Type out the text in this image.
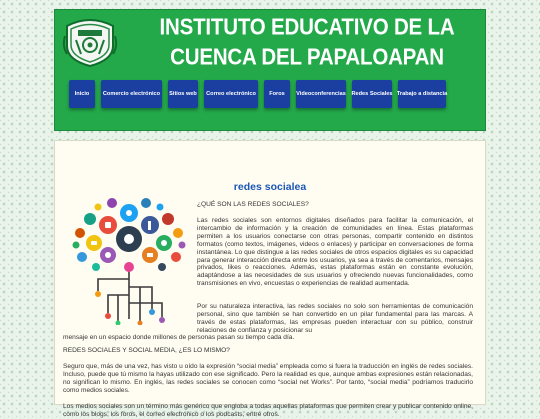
INSTITUTO EDUCATIVO DE LA CUENCA DEL PAPALOAPAN
Inicio	Comercio electrónico	Sitios web	Correo electrónico	Foros	Videoconferencias Redes Sociales Trabajo a distancia
redes socialea

¿QUÉ SON LAS REDES SOCIALES?

Las redes sociales son entornos digitales diseñados para facilitar la comunicación, el intercambio de información y la creación de comunidades en línea. Estas plataformas permiten a los usuarios conectarse con otras personas, compartir contenido en distintos formatos (como textos, imágenes, videos o enlaces) y participar en conversaciones de forma instantánea. Lo que distingue a las redes sociales de otros espacios digitales es su capacidad para generar interacción directa entre los usuarios, ya sea a través de comentarios, mensajes privados, likes o reacciones. Además, estas plataformas están en constante evolución, adaptándose a las necesidades de sus usuarios y ofreciendo nuevas funcionalidades, como transmisiones en vivo, encuestas o experiencias de realidad aumentada.

Por su naturaleza interactiva, las redes sociales no solo son herramientas de comunicación personal, sino que también se han convertido en un pilar fundamental para las marcas. A través de estas plataformas, las empresas pueden interactuar con su público, construir relaciones de confianza y posicionar su

mensaje en un espacio donde millones de personas pasan su tiempo cada día.

REDES SOCIALES Y SOCIAL MEDIA, ¿ES LO MISMO?

Seguro que, más de una vez, has visto u oído la expresión “social media” empleada como si fuera la traducción en inglés de redes sociales. Incluso, puede que tú mismo la hayas utilizado con ese significado. Pero la realidad es que, aunque ambas expresiones están relacionadas, no significan lo mismo. En inglés, las redes sociales se conocen como “social net Works”. Por tanto, “social media” podríamos traducirlo como medios sociales.

Los medios sociales son un término más genérico que engloba a todas aquellas plataformas que permiten crear y publicar contenido online, como los blogs, los foros, el correo electrónico o los podcasts, entre otros.
